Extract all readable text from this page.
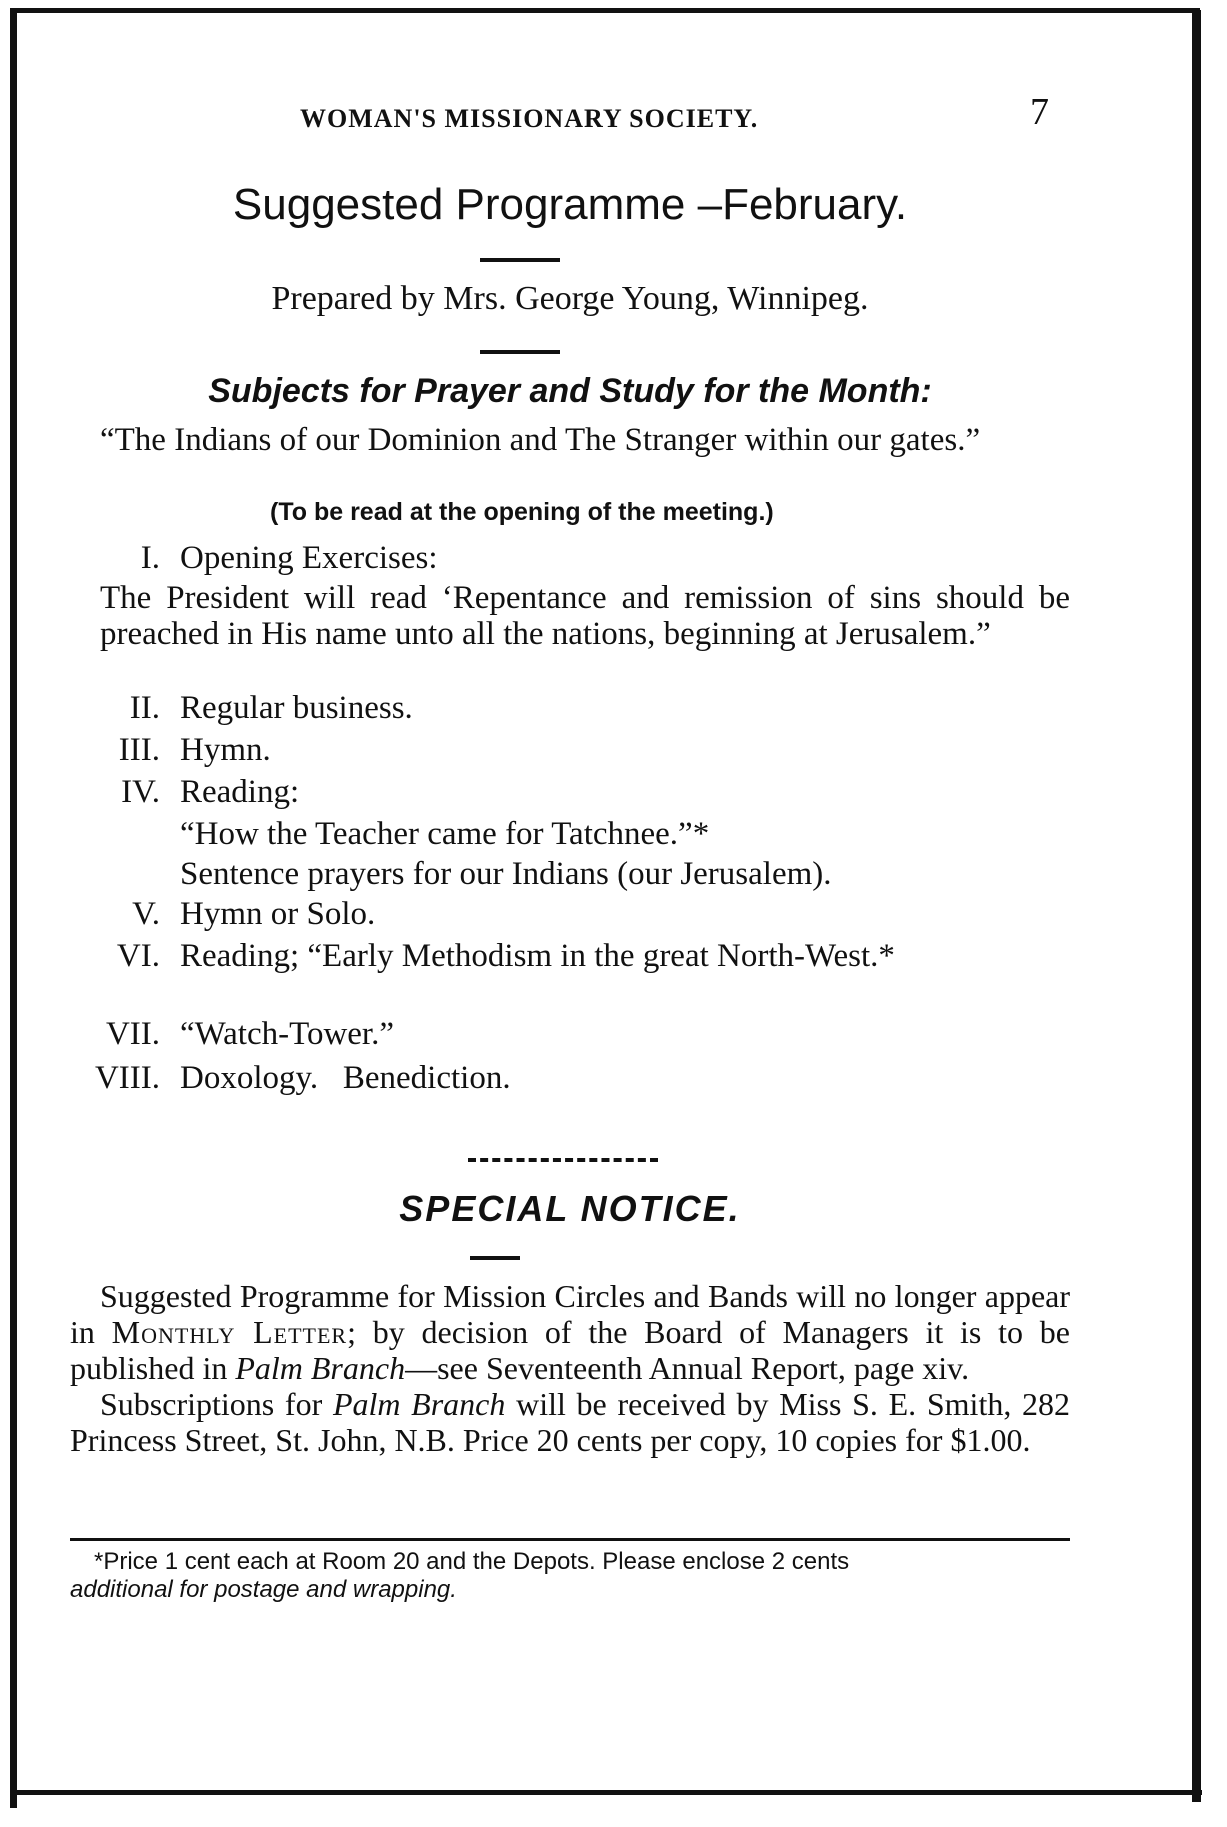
WOMAN'S MISSIONARY SOCIETY.	7
Suggested Programme –February.
Prepared by Mrs. George Young, Winnipeg.
Subjects for Prayer and Study for the Month:
“The Indians of our Dominion and The Stranger within our gates.”
(To be read at the opening of the meeting.)
I. Opening Exercises:
The President will read ‘Repentance and remission of sins should be preached in His name unto all the nations, beginning at Jerusalem.”
II. Regular business.
III. Hymn.
IV. Reading:
“How the Teacher came for Tatchnee.”*
Sentence prayers for our Indians (our Jerusalem).
V. Hymn or Solo.
VI. Reading; “Early Methodism in the great North-West.*
VII. “Watch-Tower.”
VIII. Doxology.   Benediction.
SPECIAL NOTICE.

Suggested Programme for Mission Circles and Bands will no longer appear in Monthly Letter; by decision of the Board of Managers it is to be published in Palm Branch—see Seventeenth Annual Report, page xiv.

Subscriptions for Palm Branch will be received by Miss S. E. Smith, 282 Princess Street, St. John, N.B. Price 20 cents per copy, 10 copies for $1.00.

*Price 1 cent each at Room 20 and the Depots. Please enclose 2 cents
additional for postage and wrapping.
